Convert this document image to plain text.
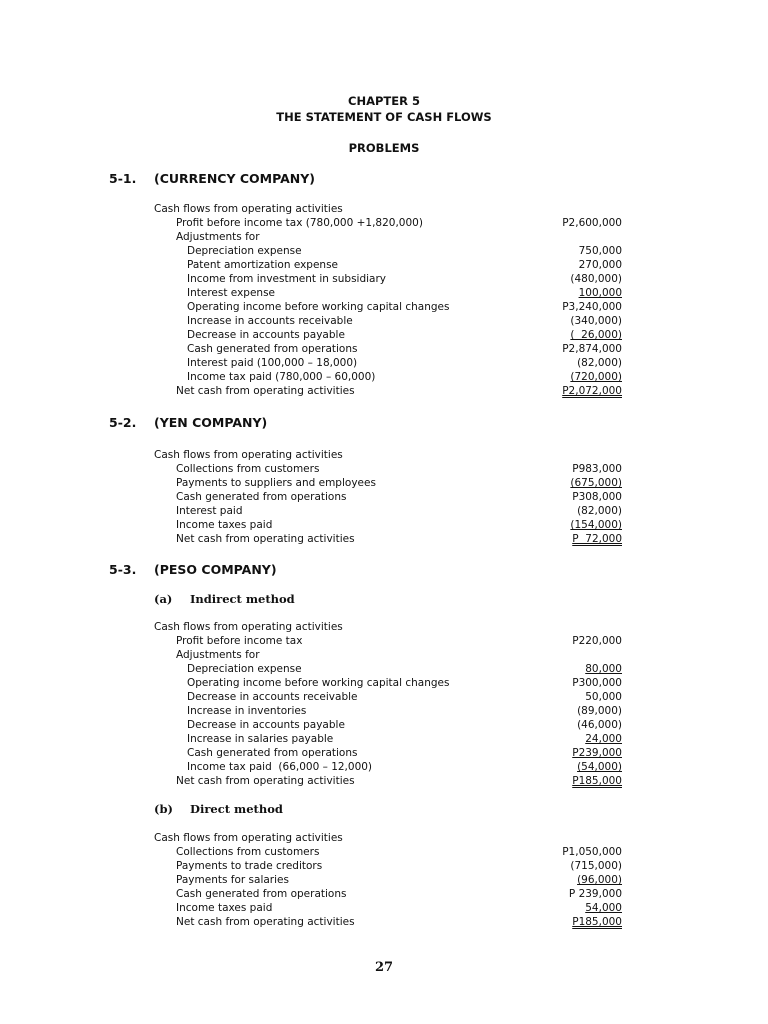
CHAPTER 5
THE STATEMENT OF CASH FLOWS
PROBLEMS
5-1. (CURRENCY COMPANY)
Cash flows from operating activities
Profit before income tax (780,000 +1,820,000)	P2,600,000
Adjustments for
Depreciation expense	750,000
Patent amortization expense	270,000
Income from investment in subsidiary	(480,000)
Interest expense	100,000
Operating income before working capital changes	P3,240,000
Increase in accounts receivable	(340,000)
Decrease in accounts payable	(  26,000)
Cash generated from operations	P2,874,000
Interest paid (100,000 – 18,000)	(82,000)
Income tax paid (780,000 – 60,000)	(720,000)
Net cash from operating activities	P2,072,000
5-2. (YEN COMPANY)
Cash flows from operating activities
Collections from customers	P983,000
Payments to suppliers and employees	(675,000)
Cash generated from operations	P308,000
Interest paid	(82,000)
Income taxes paid	(154,000)
Net cash from operating activities	P  72,000
5-3. (PESO COMPANY)
(a) Indirect method
Cash flows from operating activities
Profit before income tax	P220,000
Adjustments for
Depreciation expense	80,000
Operating income before working capital changes	P300,000
Decrease in accounts receivable	50,000
Increase in inventories	(89,000)
Decrease in accounts payable	(46,000)
Increase in salaries payable	24,000
Cash generated from operations	P239,000
Income tax paid  (66,000 – 12,000)	(54,000)
Net cash from operating activities	P185,000
(b) Direct method
Cash flows from operating activities
Collections from customers	P1,050,000
Payments to trade creditors	(715,000)
Payments for salaries	(96,000)
Cash generated from operations	P 239,000
Income taxes paid	54,000
Net cash from operating activities	P185,000
27
